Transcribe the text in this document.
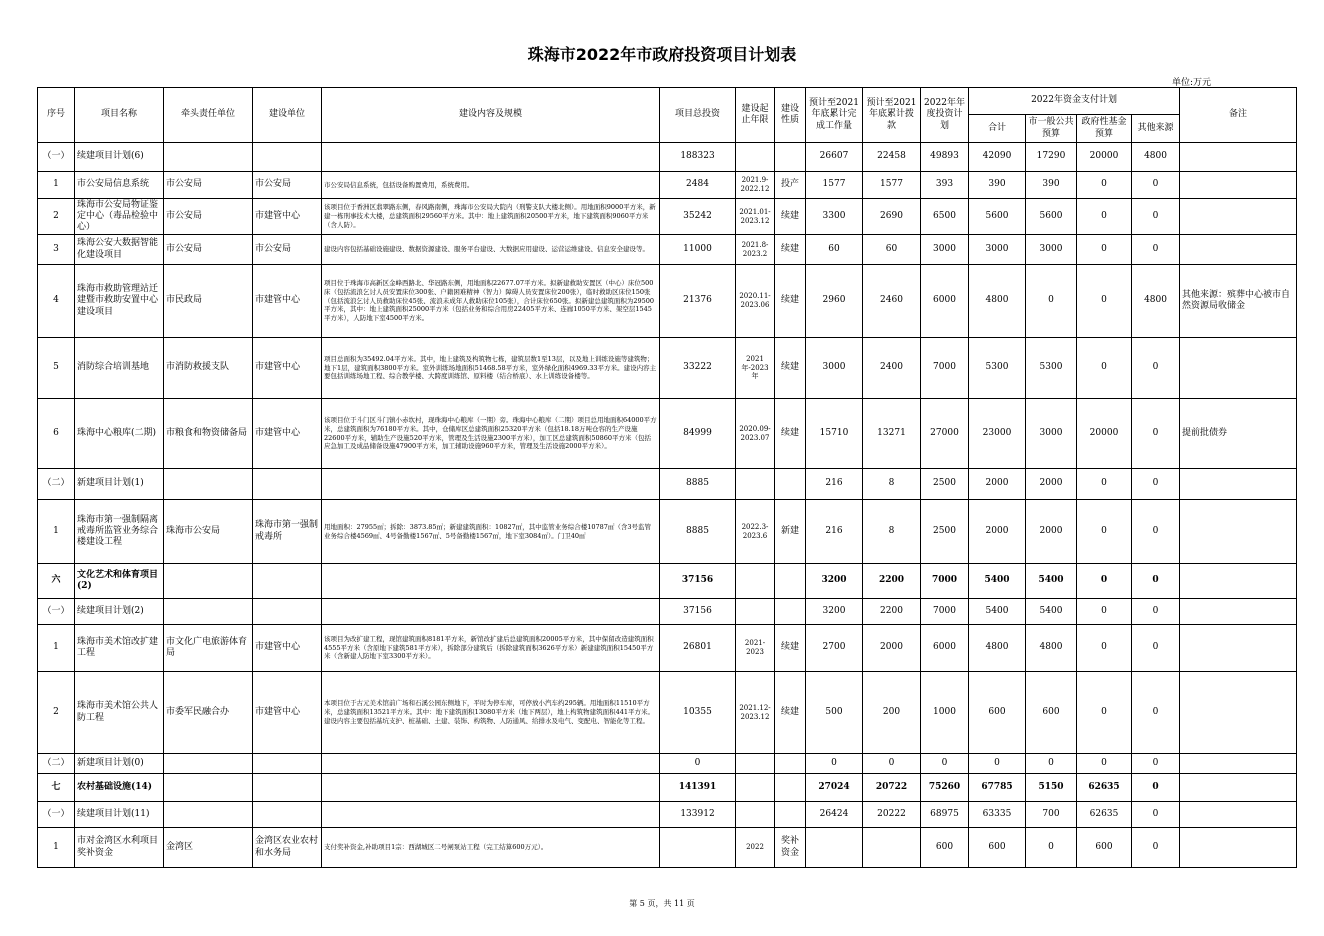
珠海市2022年市政府投资项目计划表
单位:万元
序号	项目名称	牵头责任单位	建设单位	建设内容及规模	项目总投资	建设起止年限	建设性质	预计至2021年底累计完成工作量	预计至2021年底累计拨款	2022年年度投资计划	2022年资金支付计划				备注
											合计	市一般公共预算	政府性基金预算	其他来源	
（一）	续建项目计划(6)				188323			26607	22458	49893	42090	17290	20000	4800	
1	市公安局信息系统	市公安局	市公安局	市公安局信息系统，包括设备购置费用，系统费用。	2484	2021.9-2022.12	投产	1577	1577	393	390	390	0	0	
2	珠海市公安局物证鉴定中心（毒品检验中心）	市公安局	市建管中心	该项目位于香洲区翡翠路东侧，春风路南侧，珠海市公安局大院内（刑警支队大楼北侧）。用地面积9000平方米，新建一栋刑事技术大楼，总建筑面积29560平方米。其中：地上建筑面积20500平方米，地下建筑面积9060平方米（含人防）。	35242	2021.01-2023.12	续建	3300	2690	6500	5600	5600	0	0	
3	珠海公安大数据智能化建设项目	市公安局	市公安局	建设内容包括基础设施建设、数据资源建设、服务平台建设、大数据应用建设、运营运维建设、信息安全建设等。	11000	2021.8-2023.2	续建	60	60	3000	3000	3000	0	0	
4	珠海市救助管理站迁建暨市救助安置中心建设项目	市民政局	市建管中心	项目位于珠海市高新区金峰西路北、华冠路东侧，用地面积22677.07平方米。拟新建救助安置区（中心）床位500床（包括流浪乞讨人员安置床位300张、户籍困难精神（智力）障碍人员安置床位200张），临时救助区床位150张（包括流浪乞讨人员救助床位45张、流浪未成年人救助床位105张），合计床位650张。拟新建总建筑面积为29500平方米，其中：地上建筑面积25000平方米（包括业务和综合用房22405平方米、连廊1050平方米、架空层1545平方米），人防地下室4500平方米。	21376	2020.11-2023.06	续建	2960	2460	6000	4800	0	0	4800	其他来源：殡葬中心被市自然资源局收储金
5	消防综合培训基地	市消防救援支队	市建管中心	项目总面积为35492.04平方米。其中，地上建筑及构筑物七栋，建筑层数1至13层，以及地上训练设施等建筑物；地下1层，建筑面积3800平方米。室外训练场地面积51468.58平方米，室外绿化面积4969.33平方米。建设内容主要包括训练场地工程、综合教学楼、大跨度训练馆、原料楼（结合桥底）、水上训练设备楼等。	33222	2021年-2023年	续建	3000	2400	7000	5300	5300	0	0	
6	珠海中心粮库(二期)	市粮食和物资储备局	市建管中心	该项目位于斗门区斗门镇小赤坎村，现珠海中心粮库（一期）旁。珠海中心粮库（二期）项目总用地面积64000平方米，总建筑面积为76180平方米。其中，仓储库区总建筑面积25320平方米（包括18.18万吨仓容的生产设施22600平方米，辅助生产设施520平方米，管理及生活设施2300平方米），加工区总建筑面积50860平方米（包括应急加工及成品储备设施47900平方米，加工辅助设施960平方米，管理及生活设施2000平方米）。	84999	2020.09-2023.07	续建	15710	13271	27000	23000	3000	20000	0	提前批债券
（二）	新建项目计划(1)				8885			216	8	2500	2000	2000	0	0	
1	珠海市第一强制隔离戒毒所监管业务综合楼建设工程	珠海市公安局	珠海市第一强制戒毒所	用地面积：27955㎡；拆除：3873.85㎡；新建建筑面积：10827㎡，其中监管业务综合楼10787㎡（含3号监管业务综合楼4569㎡、4号备勤楼1567㎡、5号备勤楼1567㎡，地下室3084㎡）。门卫40㎡	8885	2022.3-2023.6	新建	216	8	2500	2000	2000	0	0	
六	文化艺术和体育项目(2)				37156			3200	2200	7000	5400	5400	0	0	
（一）	续建项目计划(2)				37156			3200	2200	7000	5400	5400	0	0	
1	珠海市美术馆改扩建工程	市文化广电旅游体育局	市建管中心	该项目为改扩建工程，现馆建筑面积8181平方米，新馆改扩建后总建筑面积20005平方米，其中保留改造建筑面积4555平方米（含原地下建筑581平方米），拆除部分建筑后（拆除建筑面积3626平方米）新建建筑面积15450平方米（含新建人防地下室3300平方米）。	26801	2021-2023	续建	2700	2000	6000	4800	4800	0	0	
2	珠海市美术馆公共人防工程	市委军民融合办	市建管中心	本项目位于古元美术馆前广场和石溪公园东侧地下，平时为停车库，可停放小汽车约295辆。用地面积11510平方米，总建筑面积13521平方米。其中：地下建筑面积13080平方米（地下两层），地上构筑物建筑面积441平方米。建设内容主要包括基坑支护、桩基础、土建、装饰、构筑物、人防通风、给排水及电气、变配电、智能化等工程。	10355	2021.12-2023.12	续建	500	200	1000	600	600	0	0	
（二）	新建项目计划(0)				0			0	0	0	0	0	0	0	
七	农村基础设施(14)				141391			27024	20722	75260	67785	5150	62635	0	
（一）	续建项目计划(11)				133912			26424	20222	68975	63335	700	62635	0	
1	市对金湾区水利项目奖补资金	金湾区	金湾区农业农村和水务局	支付奖补资金,补助项目1宗：西湖城区二号闸泵站工程（完工结算600万元）。		2022	奖补资金			600	600	0	600	0	
第 5 页，共 11 页
